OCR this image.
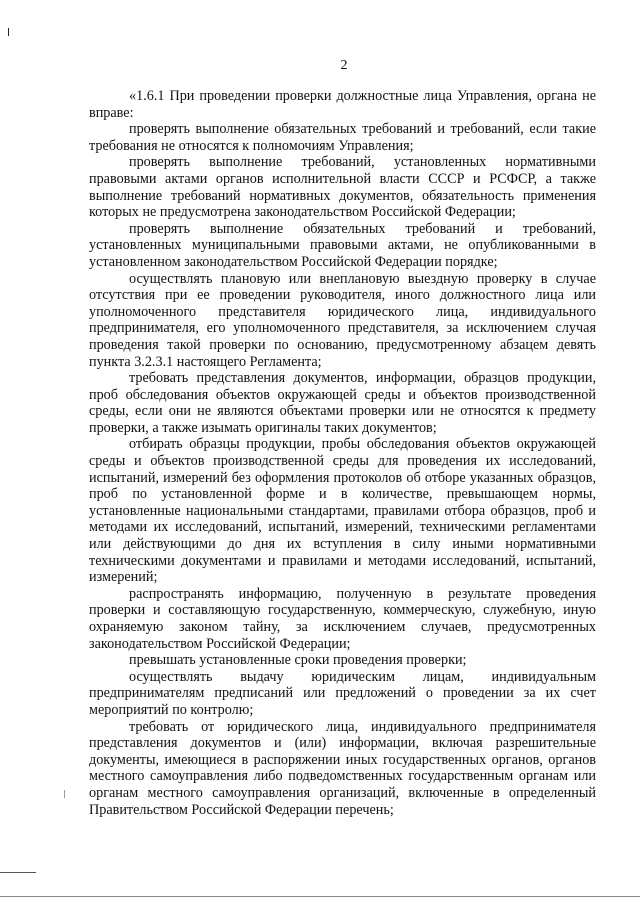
2

«1.6.1 При проведении проверки должностные лица Управления, органа не вправе:

проверять выполнение обязательных требований и требований, если такие требования не относятся к полномочиям Управления;

проверять выполнение требований, установленных нормативными правовыми актами органов исполнительной власти СССР и РСФСР, а также выполнение требований нормативных документов, обязательность применения которых не предусмотрена законодательством Российской Федерации;

проверять выполнение обязательных требований и требований, установленных муниципальными правовыми актами, не опубликованными в установленном законодательством Российской Федерации порядке;

осуществлять плановую или внеплановую выездную проверку в случае отсутствия при ее проведении руководителя, иного должностного лица или уполномоченного представителя юридического лица, индивидуального предпринимателя, его уполномоченного представителя, за исключением случая проведения такой проверки по основанию, предусмотренному абзацем девять пункта 3.2.3.1 настоящего Регламента;

требовать представления документов, информации, образцов продукции, проб обследования объектов окружающей среды и объектов производственной среды, если они не являются объектами проверки или не относятся к предмету проверки, а также изымать оригиналы таких документов;

отбирать образцы продукции, пробы обследования объектов окружающей среды и объектов производственной среды для проведения их исследований, испытаний, измерений без оформления протоколов об отборе указанных образцов, проб по установленной форме и в количестве, превышающем нормы, установленные национальными стандартами, правилами отбора образцов, проб и методами их исследований, испытаний, измерений, техническими регламентами или действующими до дня их вступления в силу иными нормативными техническими документами и правилами и методами исследований, испытаний, измерений;

распространять информацию, полученную в результате проведения проверки и составляющую государственную, коммерческую, служебную, иную охраняемую законом тайну, за исключением случаев, предусмотренных законодательством Российской Федерации;

превышать установленные сроки проведения проверки;

осуществлять выдачу юридическим лицам, индивидуальным предпринимателям предписаний или предложений о проведении за их счет мероприятий по контролю;

требовать от юридического лица, индивидуального предпринимателя представления документов и (или) информации, включая разрешительные документы, имеющиеся в распоряжении иных государственных органов, органов местного самоуправления либо подведомственных государственным органам или органам местного самоуправления организаций, включенные в определенный Правительством Российской Федерации перечень;
